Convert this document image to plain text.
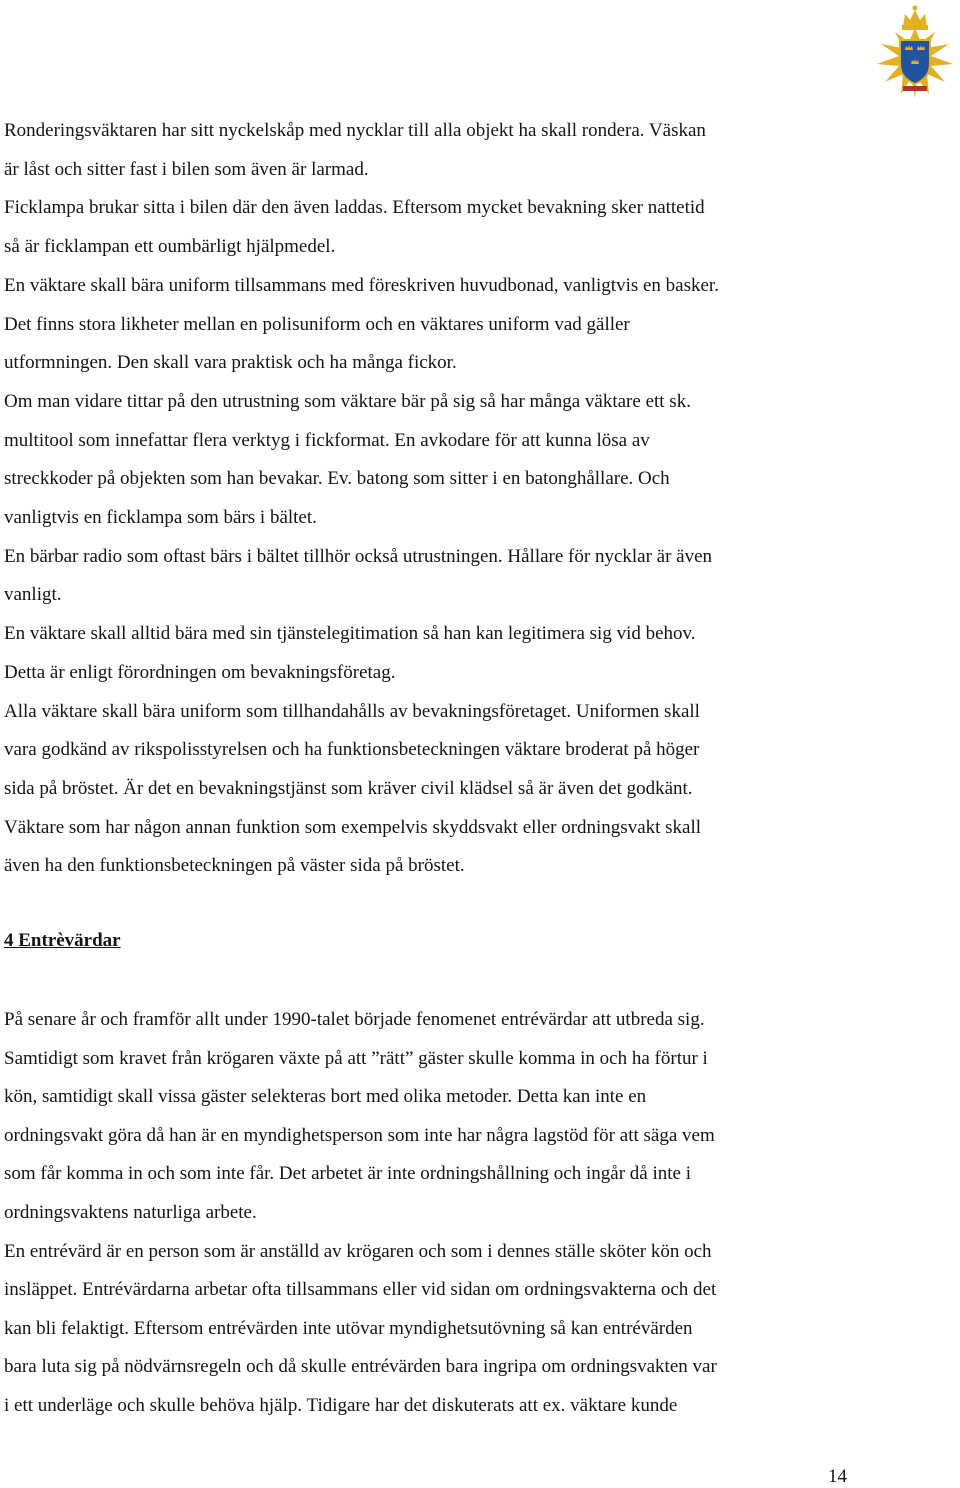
Ronderingsväktaren har sitt nyckelskåp med nycklar till alla objekt ha skall rondera. Väskan

är låst och sitter fast i bilen som även är larmad.

Ficklampa brukar sitta i bilen där den även laddas. Eftersom mycket bevakning sker nattetid

så är ficklampan ett oumbärligt hjälpmedel.

En väktare skall bära uniform tillsammans med föreskriven huvudbonad, vanligtvis en basker.

Det finns stora likheter mellan en polisuniform och en väktares uniform vad gäller

utformningen. Den skall vara praktisk och ha många fickor.

Om man vidare tittar på den utrustning som väktare bär på sig så har många väktare ett sk.

multitool som innefattar flera verktyg i fickformat. En avkodare för att kunna lösa av

streckkoder på objekten som han bevakar. Ev. batong som sitter i en batonghållare. Och

vanligtvis en ficklampa som bärs i bältet.

En bärbar radio som oftast bärs i bältet tillhör också utrustningen. Hållare för nycklar är även

vanligt.

En väktare skall alltid bära med sin tjänstelegitimation så han kan legitimera sig vid behov.

Detta är enligt förordningen om bevakningsföretag.

Alla väktare skall bära uniform som tillhandahålls av bevakningsföretaget. Uniformen skall

vara godkänd av rikspolisstyrelsen och ha funktionsbeteckningen väktare broderat på höger

sida på bröstet. Är det en bevakningstjänst som kräver civil klädsel så är även det godkänt.

Väktare som har någon annan funktion som exempelvis skyddsvakt eller ordningsvakt skall

även ha den funktionsbeteckningen på väster sida på bröstet.

4 Entrèvärdar

På senare år och framför allt under 1990-talet började fenomenet entrévärdar att utbreda sig.

Samtidigt som kravet från krögaren växte på att ”rätt” gäster skulle komma in och ha förtur i

kön, samtidigt skall vissa gäster selekteras bort med olika metoder. Detta kan inte en

ordningsvakt göra då han är en myndighetsperson som inte har några lagstöd för att säga vem

som får komma in och som inte får. Det arbetet är inte ordningshållning och ingår då inte i

ordningsvaktens naturliga arbete.

En entrévärd är en person som är anställd av krögaren och som i dennes ställe sköter kön och

insläppet. Entrévärdarna arbetar ofta tillsammans eller vid sidan om ordningsvakterna och det

kan bli felaktigt. Eftersom entrévärden inte utövar myndighetsutövning så kan entrévärden

bara luta sig på nödvärnsregeln och då skulle entrévärden bara ingripa om ordningsvakten var

i ett underläge och skulle behöva hjälp. Tidigare har det diskuterats att ex. väktare kunde

14
